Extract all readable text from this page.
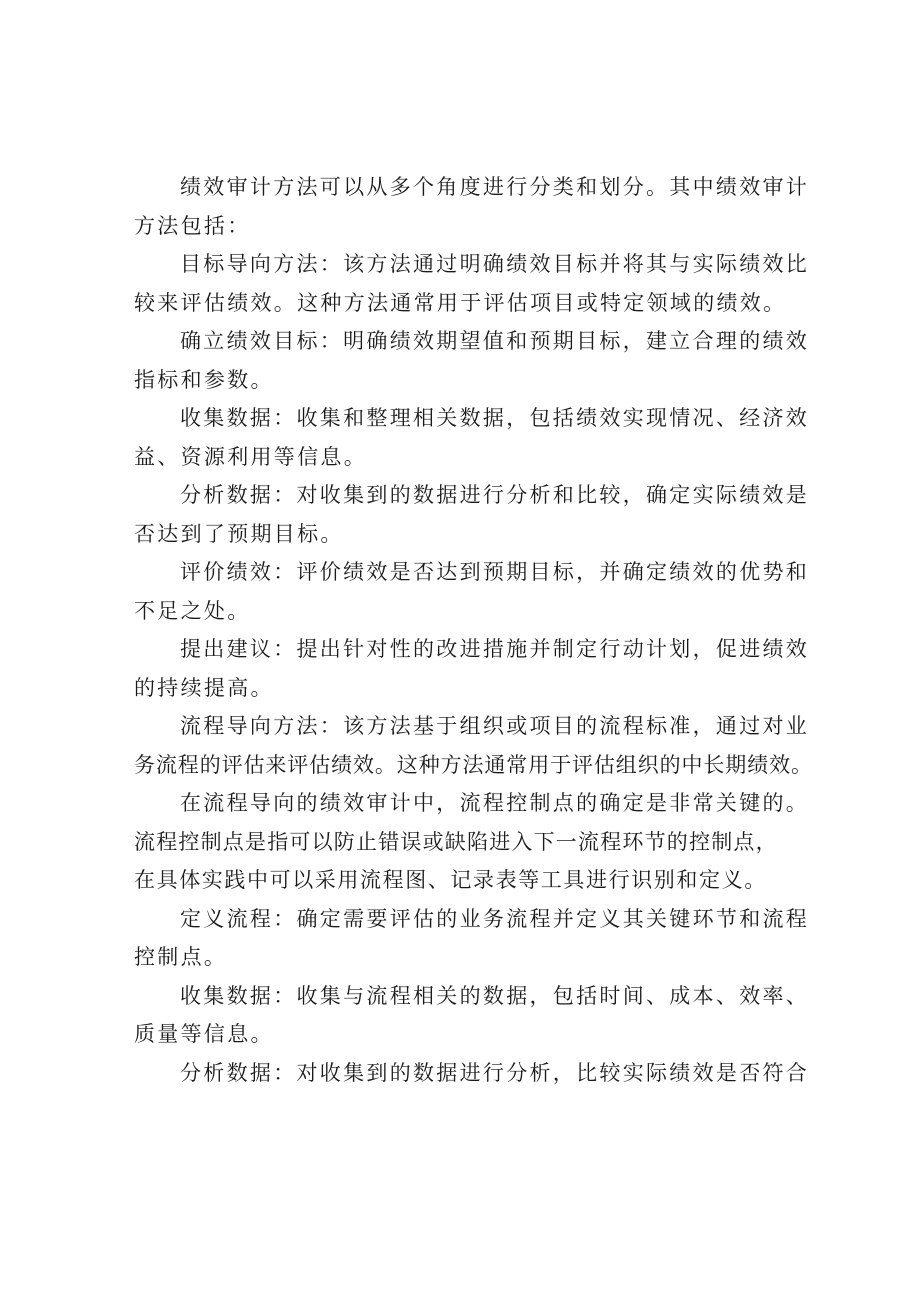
绩效审计方法可以从多个角度进行分类和划分。其中绩效审计
方法包括：
目标导向方法：该方法通过明确绩效目标并将其与实际绩效比
较来评估绩效。这种方法通常用于评估项目或特定领域的绩效。
确立绩效目标：明确绩效期望值和预期目标，建立合理的绩效
指标和参数。
收集数据：收集和整理相关数据，包括绩效实现情况、经济效
益、资源利用等信息。
分析数据：对收集到的数据进行分析和比较，确定实际绩效是
否达到了预期目标。
评价绩效：评价绩效是否达到预期目标，并确定绩效的优势和
不足之处。
提出建议：提出针对性的改进措施并制定行动计划，促进绩效
的持续提高。
流程导向方法：该方法基于组织或项目的流程标准，通过对业
务流程的评估来评估绩效。这种方法通常用于评估组织的中长期绩效。
在流程导向的绩效审计中，流程控制点的确定是非常关键的。
流程控制点是指可以防止错误或缺陷进入下一流程环节的控制点，
在具体实践中可以采用流程图、记录表等工具进行识别和定义。
定义流程：确定需要评估的业务流程并定义其关键环节和流程
控制点。
收集数据：收集与流程相关的数据，包括时间、成本、效率、
质量等信息。
分析数据：对收集到的数据进行分析，比较实际绩效是否符合
